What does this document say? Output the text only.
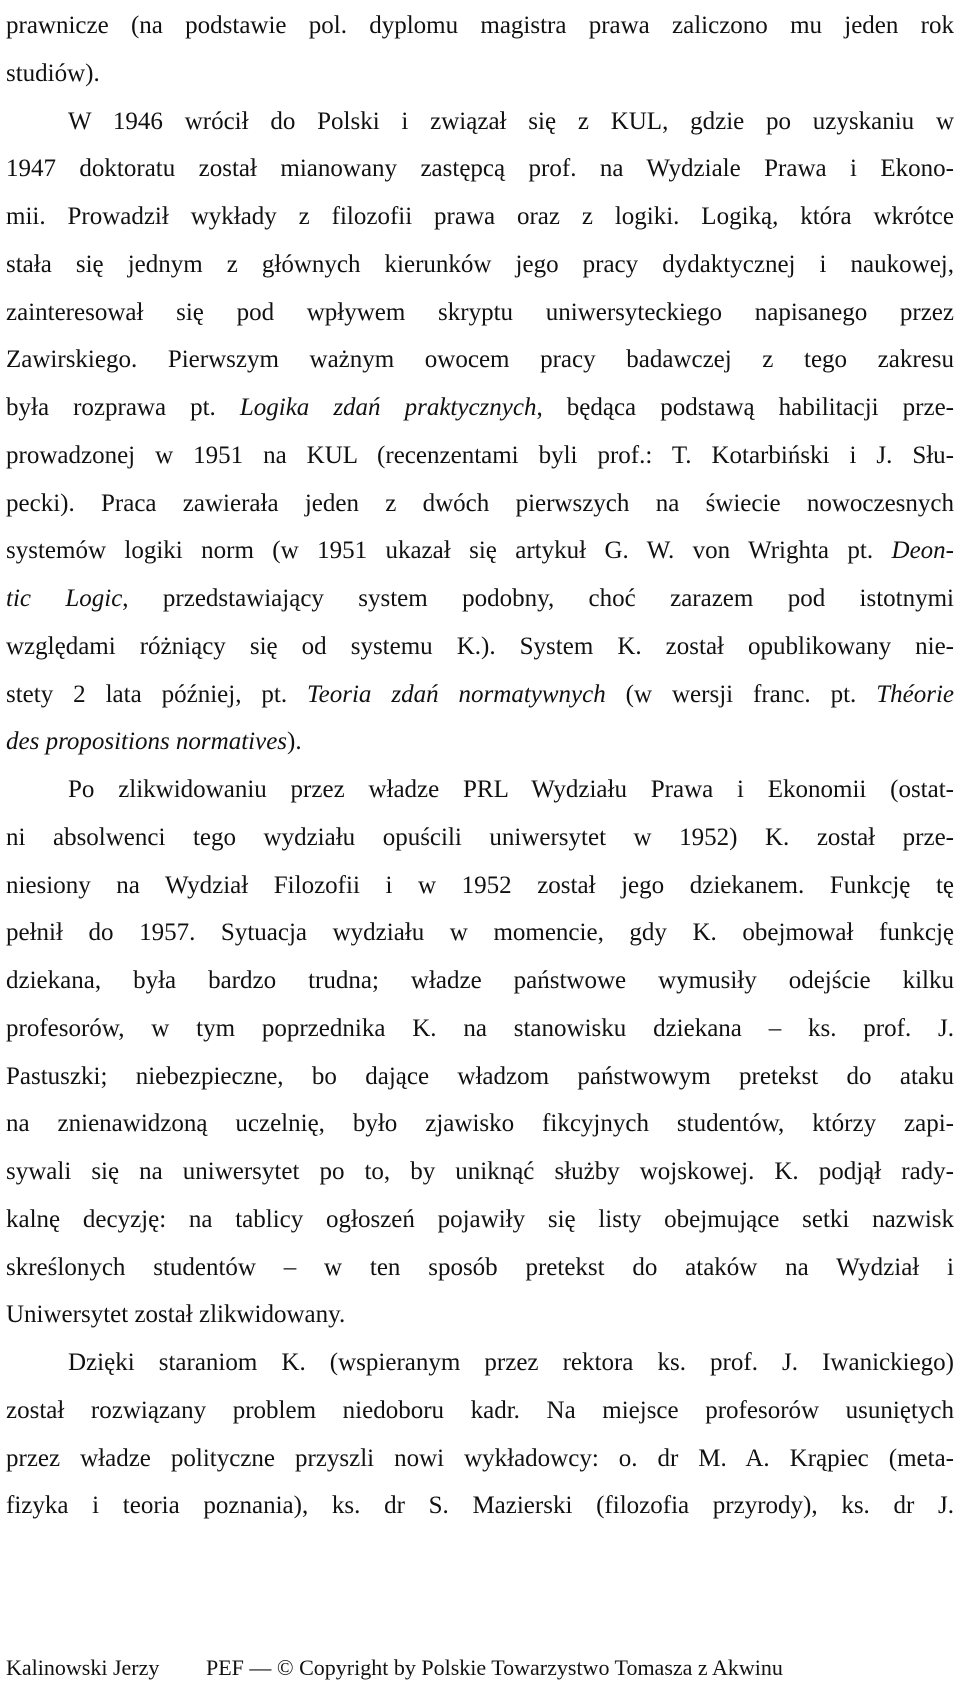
prawnicze (na podstawie pol. dyplomu magistra prawa zaliczono mu jeden rok
studiów).
W 1946 wrócił do Polski i związał się z KUL, gdzie po uzyskaniu w
1947 doktoratu został mianowany zastępcą prof. na Wydziale Prawa i Ekono-
mii. Prowadził wykłady z filozofii prawa oraz z logiki. Logiką, która wkrótce
stała się jednym z głównych kierunków jego pracy dydaktycznej i naukowej,
zainteresował się pod wpływem skryptu uniwersyteckiego napisanego przez
Zawirskiego. Pierwszym ważnym owocem pracy badawczej z tego zakresu
była rozprawa pt. Logika zdań praktycznych, będąca podstawą habilitacji prze-
prowadzonej w 1951 na KUL (recenzentami byli prof.: T. Kotarbiński i J. Słu-
pecki). Praca zawierała jeden z dwóch pierwszych na świecie nowoczesnych
systemów logiki norm (w 1951 ukazał się artykuł G. W. von Wrighta pt. Deon-
tic Logic, przedstawiający system podobny, choć zarazem pod istotnymi
względami różniący się od systemu K.). System K. został opublikowany nie-
stety 2 lata później, pt. Teoria zdań normatywnych (w wersji franc. pt. Théorie
des propositions normatives).
Po zlikwidowaniu przez władze PRL Wydziału Prawa i Ekonomii (ostat-
ni absolwenci tego wydziału opuścili uniwersytet w 1952) K. został prze-
niesiony na Wydział Filozofii i w 1952 został jego dziekanem. Funkcję tę
pełnił do 1957. Sytuacja wydziału w momencie, gdy K. obejmował funkcję
dziekana, była bardzo trudna; władze państwowe wymusiły odejście kilku
profesorów, w tym poprzednika K. na stanowisku dziekana – ks. prof. J.
Pastuszki; niebezpieczne, bo dające władzom państwowym pretekst do ataku
na znienawidzoną uczelnię, było zjawisko fikcyjnych studentów, którzy zapi-
sywali się na uniwersytet po to, by uniknąć służby wojskowej. K. podjął rady-
kalnę decyzję: na tablicy ogłoszeń pojawiły się listy obejmujące setki nazwisk
skreślonych studentów – w ten sposób pretekst do ataków na Wydział i
Uniwersytet został zlikwidowany.
Dzięki staraniom K. (wspieranym przez rektora ks. prof. J. Iwanickiego)
został rozwiązany problem niedoboru kadr. Na miejsce profesorów usuniętych
przez władze polityczne przyszli nowi wykładowcy: o. dr M. A. Krąpiec (meta-
fizyka i teoria poznania), ks. dr S. Mazierski (filozofia przyrody), ks. dr J.
Kalinowski Jerzy PEF — © Copyright by Polskie Towarzystwo Tomasza z Akwinu
